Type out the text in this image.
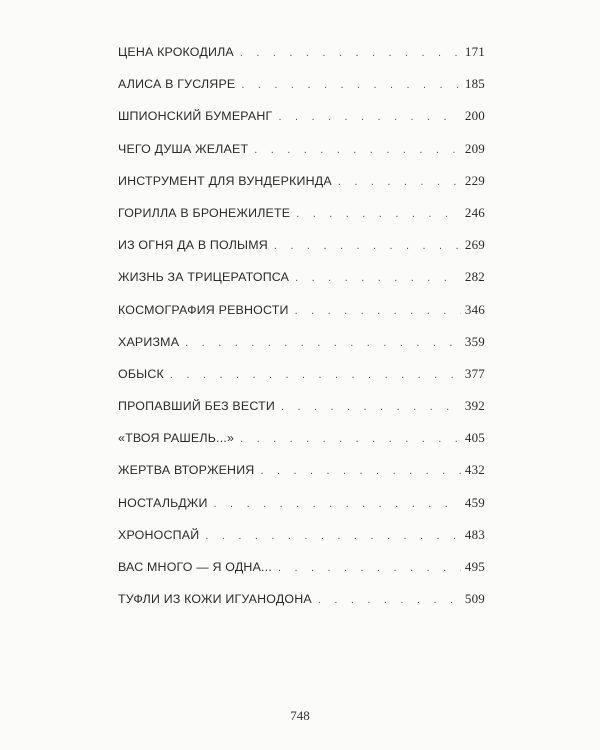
ЦЕНА КРОКОДИЛА . . .	171
АЛИСА В ГУСЛЯРЕ . . .	185
ШПИОНСКИЙ БУМЕРАНГ . . .	200
ЧЕГО ДУША ЖЕЛАЕТ . . .	209
ИНСТРУМЕНТ ДЛЯ ВУНДЕРКИНДА . . .	229
ГОРИЛЛА В БРОНЕЖИЛЕТЕ . . .	246
ИЗ ОГНЯ ДА В ПОЛЫМЯ . . .	269
ЖИЗНЬ ЗА ТРИЦЕРАТОПСА . . .	282
КОСМОГРАФИЯ РЕВНОСТИ . . .	346
ХАРИЗМА . . .	359
ОБЫСК . . .	377
ПРОПАВШИЙ БЕЗ ВЕСТИ . . .	392
«ТВОЯ РАШЕЛЬ...» . . .	405
ЖЕРТВА ВТОРЖЕНИЯ . . .	432
НОСТАЛЬДЖИ . . .	459
ХРОНОСПАЙ . . .	483
ВАС МНОГО — Я ОДНА... . . .	495
ТУФЛИ ИЗ КОЖИ ИГУАНОДОНА . . .	509
748
